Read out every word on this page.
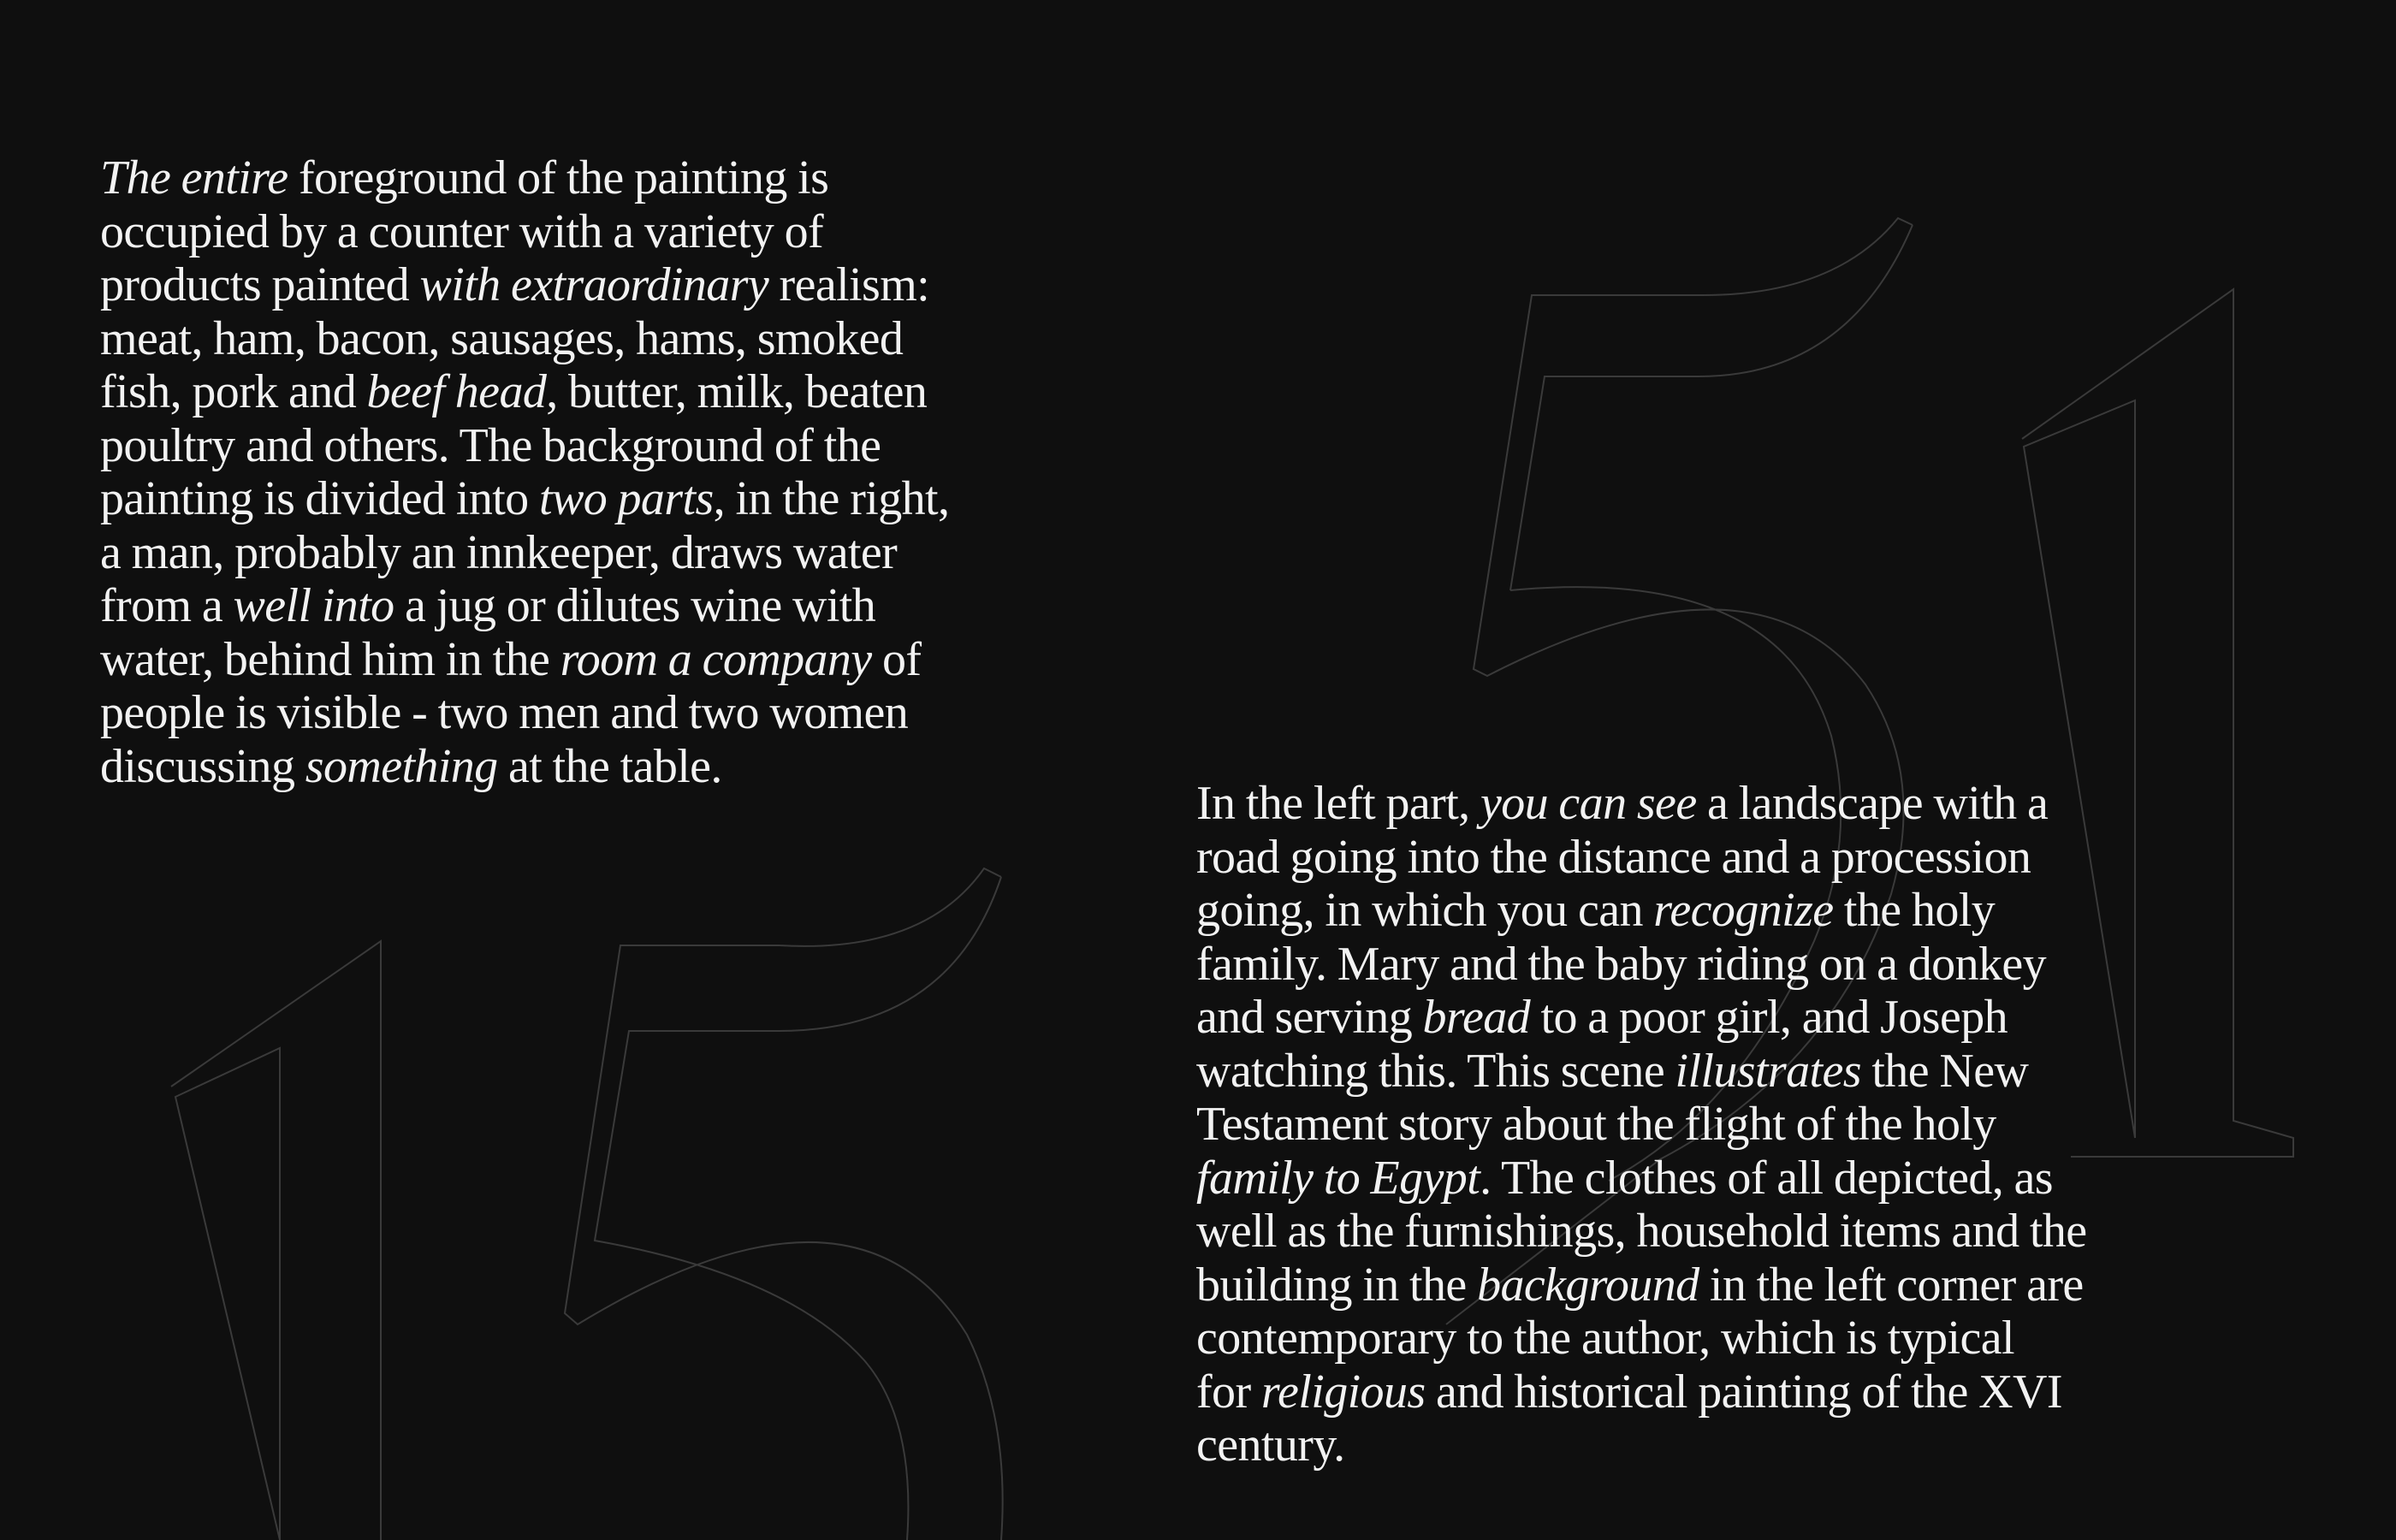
The entire foreground of the painting is
occupied by a counter with a variety of
products painted with extraordinary realism:
meat, ham, bacon, sausages, hams, smoked
fish, pork and beef head, butter, milk, beaten
poultry and others. The background of the
painting is divided into two parts, in the right,
a man, probably an innkeeper, draws water
from a well into a jug or dilutes wine with
water, behind him in the room a company of
people is visible - two men and two women
discussing something at the table.

In the left part, you can see a landscape with a
road going into the distance and a procession
going, in which you can recognize the holy
family. Mary and the baby riding on a donkey
and serving bread to a poor girl, and Joseph
watching this. This scene illustrates the New
Testament story about the flight of the holy
family to Egypt. The clothes of all depicted, as
well as the furnishings, household items and the
building in the background in the left corner are
contemporary to the author, which is typical
for religious and historical painting of the XVI
century.
